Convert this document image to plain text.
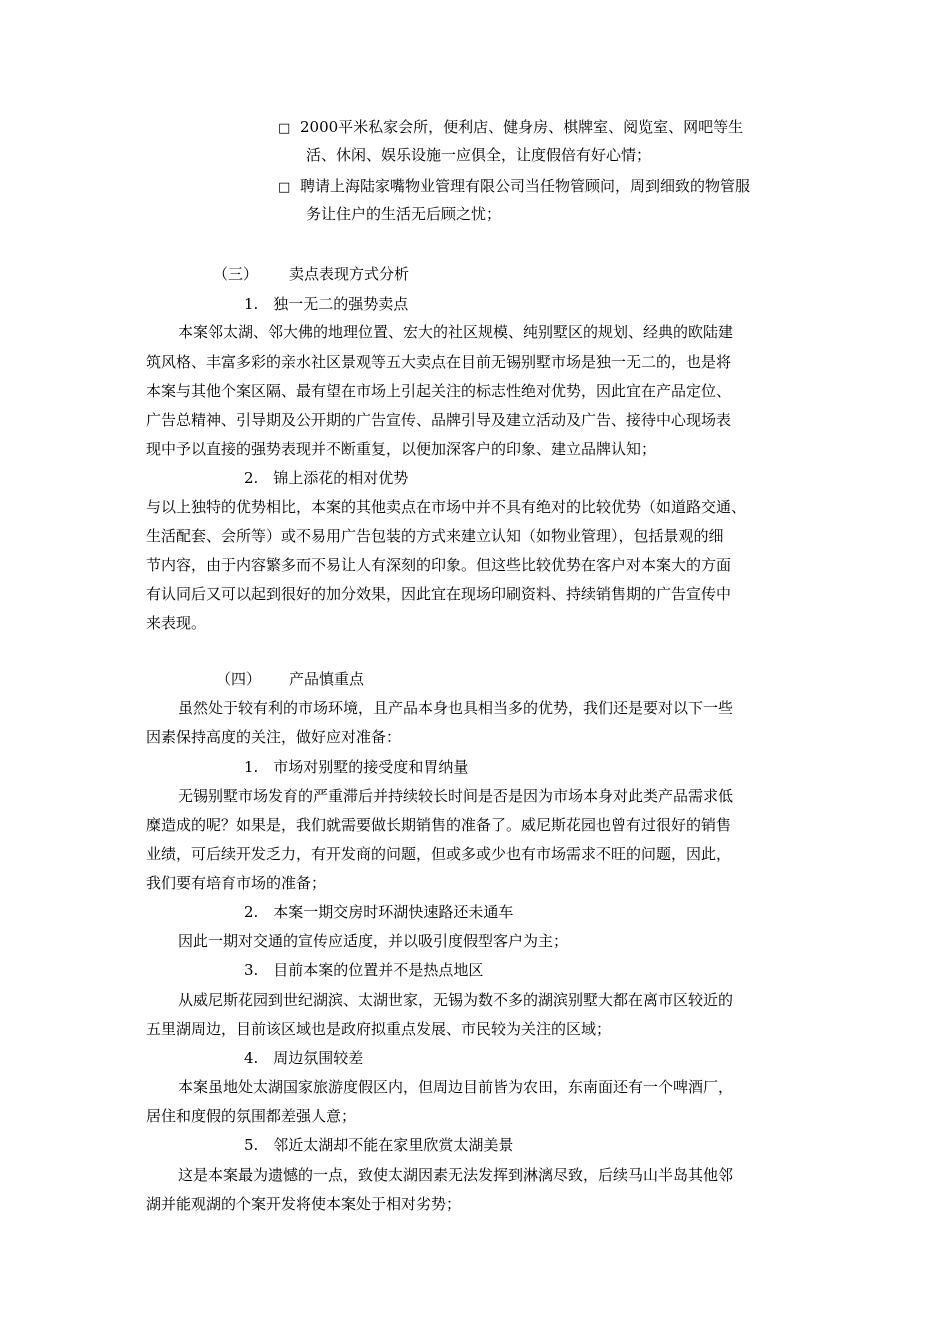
□ 2000平米私家会所，便利店、健身房、棋牌室、阅览室、网吧等生
活、休闲、娱乐设施一应俱全，让度假倍有好心情；
□ 聘请上海陆家嘴物业管理有限公司当任物管顾问，周到细致的物管服
务让住户的生活无后顾之忧；
（三） 卖点表现方式分析
1.　独一无二的强势卖点
本案邻太湖、邻大佛的地理位置、宏大的社区规模、纯别墅区的规划、经典的欧陆建
筑风格、丰富多彩的亲水社区景观等五大卖点在目前无锡别墅市场是独一无二的，也是将
本案与其他个案区隔、最有望在市场上引起关注的标志性绝对优势，因此宜在产品定位、
广告总精神、引导期及公开期的广告宣传、品牌引导及建立活动及广告、接待中心现场表
现中予以直接的强势表现并不断重复，以便加深客户的印象、建立品牌认知；
2.　锦上添花的相对优势
与以上独特的优势相比，本案的其他卖点在市场中并不具有绝对的比较优势（如道路交通、
生活配套、会所等）或不易用广告包装的方式来建立认知（如物业管理），包括景观的细
节内容，由于内容繁多而不易让人有深刻的印象。但这些比较优势在客户对本案大的方面
有认同后又可以起到很好的加分效果，因此宜在现场印刷资料、持续销售期的广告宣传中
来表现。
（四） 产品慎重点
虽然处于较有利的市场环境，且产品本身也具相当多的优势，我们还是要对以下一些
因素保持高度的关注，做好应对准备：
1.　市场对别墅的接受度和胃纳量
无锡别墅市场发育的严重滞后并持续较长时间是否是因为市场本身对此类产品需求低
糜造成的呢？如果是，我们就需要做长期销售的准备了。威尼斯花园也曾有过很好的销售
业绩，可后续开发乏力，有开发商的问题，但或多或少也有市场需求不旺的问题，因此，
我们要有培育市场的准备；
2.　本案一期交房时环湖快速路还未通车
因此一期对交通的宣传应适度，并以吸引度假型客户为主；
3.　目前本案的位置并不是热点地区
从威尼斯花园到世纪湖滨、太湖世家，无锡为数不多的湖滨别墅大都在离市区较近的
五里湖周边，目前该区域也是政府拟重点发展、市民较为关注的区域；
4.　周边氛围较差
本案虽地处太湖国家旅游度假区内，但周边目前皆为农田，东南面还有一个啤酒厂，
居住和度假的氛围都差强人意；
5.　邻近太湖却不能在家里欣赏太湖美景
这是本案最为遗憾的一点，致使太湖因素无法发挥到淋漓尽致，后续马山半岛其他邻
湖并能观湖的个案开发将使本案处于相对劣势；
